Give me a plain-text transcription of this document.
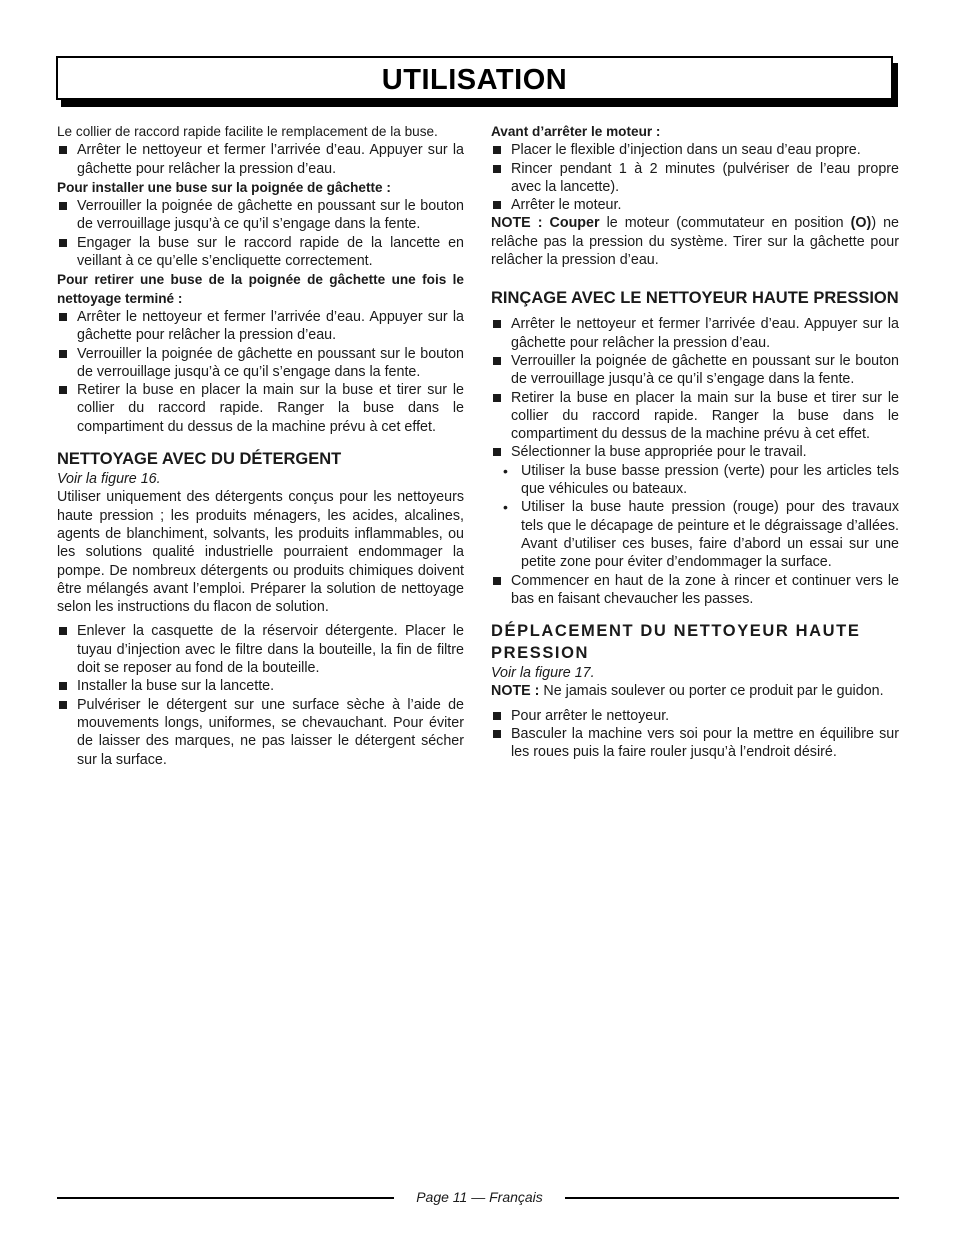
UTILISATION

Le collier de raccord rapide facilite le remplacement de la buse.

Arrêter le nettoyeur et fermer l’arrivée d’eau. Appuyer sur la gâchette pour relâcher la pression d’eau.

Pour installer une buse sur la poignée de gâchette :

Verrouiller la poignée de gâchette en poussant sur le bouton de verrouillage jusqu’à ce qu’il s’engage dans la fente.
Engager la buse sur le raccord rapide de la lancette en veillant à ce qu’elle s’encliquette correctement.

Pour retirer une buse de la poignée de gâchette une fois le nettoyage terminé :

Arrêter le nettoyeur et fermer l’arrivée d’eau. Appuyer sur la gâchette pour relâcher la pression d’eau.
Verrouiller la poignée de gâchette en poussant sur le bouton de verrouillage jusqu’à ce qu’il s’engage dans la fente.
Retirer la buse en placer la main sur la buse et tirer sur le collier du raccord rapide. Ranger la buse dans le compartiment du dessus de la machine prévu à cet effet.
NETTOYAGE AVEC DU DÉTERGENT

Voir la figure 16.

Utiliser uniquement des détergents conçus pour les nettoyeurs haute pression ; les produits ménagers, les acides, alcalines, agents de blanchiment, solvants, les produits inflammables, ou les solutions qualité industrielle pourraient endommager la pompe. De nombreux détergents ou produits chimiques doivent être mélangés avant l’emploi. Préparer la solution de nettoyage selon les instructions du flacon de solution.

Enlever la casquette de la réservoir détergente. Placer le tuyau d’injection avec le filtre dans la bouteille, la fin de filtre doit se reposer au fond de la bouteille.
Installer la buse sur la lancette.
Pulvériser le détergent sur une surface sèche à l’aide de mouvements longs, uniformes, se chevauchant. Pour éviter de laisser des marques, ne pas laisser le détergent sécher sur la surface.

Avant d’arrêter le moteur :

Placer le flexible d’injection dans un seau d’eau propre.
Rincer pendant 1 à 2 minutes (pulvériser de l’eau propre avec la lancette).
Arrêter le moteur.

NOTE : Couper le moteur (commutateur en position (O)) ne relâche pas la pression du système. Tirer sur la gâchette pour relâcher la pression d’eau.

RINÇAGE AVEC LE NETTOYEUR HAUTE PRESSION
Arrêter le nettoyeur et fermer l’arrivée d’eau. Appuyer sur la gâchette pour relâcher la pression d’eau.
Verrouiller la poignée de gâchette en poussant sur le bouton de verrouillage jusqu’à ce qu’il s’engage dans la fente.
Retirer la buse en placer la main sur la buse et tirer sur le collier du raccord rapide. Ranger la buse dans le compartiment du dessus de la machine prévu à cet effet.
Sélectionner la buse appropriée pour le travail.
• Utiliser la buse basse pression (verte) pour les articles tels que véhicules ou bateaux.
• Utiliser la buse haute pression (rouge) pour des travaux tels que le décapage de peinture et le dégraissage d’allées. Avant d’utiliser ces buses, faire d’abord un essai sur une petite zone pour éviter d’endommager la surface.
Commencer en haut de la zone à rincer et continuer vers le bas en faisant chevaucher les passes.
DÉPLACEMENT DU NETTOYEUR HAUTE PRESSION

Voir la figure 17.

NOTE : Ne jamais soulever ou porter ce produit par le guidon.

Pour arrêter le nettoyeur.
Basculer la machine vers soi pour la mettre en équilibre sur les roues puis la faire rouler jusqu’à l’endroit désiré.
Page 11 — Français
